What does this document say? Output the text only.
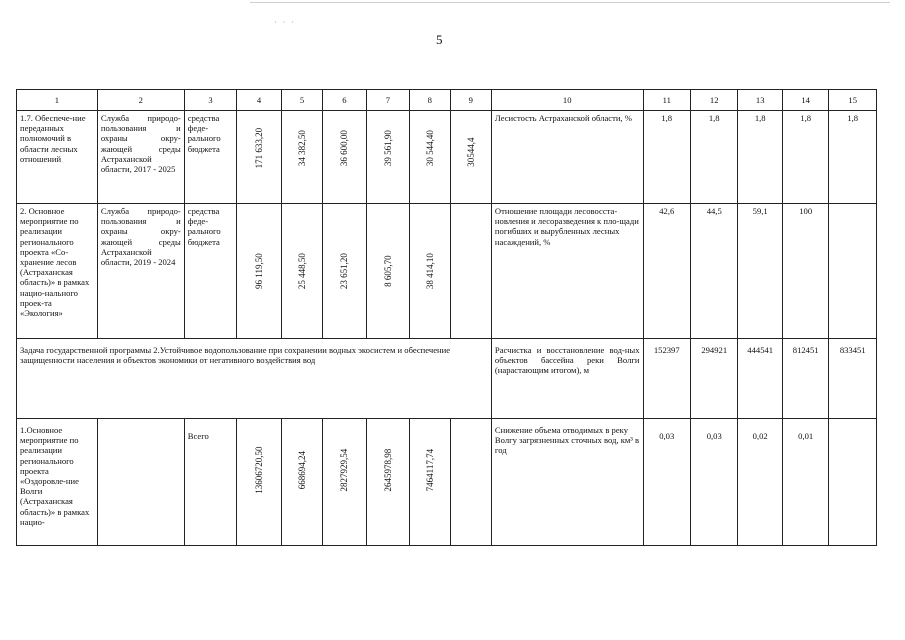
· · ·
5
1	2	3	4	5	6	7	8	9	10	11	12	13	14	15
1.7. Обеспече-ние переданных полномочий в области лесных отношений	Служба природо-пользования и охраны окру-жающей среды Астраханской области, 2017 - 2025	средства феде-рального бюджета	171 633,20	34 382,50	36 600,00	39 561,90	30 544,40	30544,4	Лесистость Астраханской области, %	1,8	1,8	1,8	1,8	1,8
2. Основное мероприятие по реализации регионального проекта «Со-хранение лесов (Астраханская область)» в рамках нацио-нального проек-та «Экология»	Служба природо-пользования и охраны окру-жающей среды Астраханской области, 2019 - 2024	средства феде-рального бюджета	96 119,50	25 448,50	23 651,20	8 605,70	38 414,10		Отношение площади лесовосста-новления и лесоразведения к пло-щади погибших и вырубленных лесных насаждений, %	42,6	44,5	59,1	100	
Задача государственной программы 2.Устойчивое водопользование при сохранении водных экосистем и обеспечение защищенности населения и объектов экономики от негативного воздействия вод									Расчистка и восстановление вод-ных объектов бассейна реки Волги (нарастающим итогом), м	152397	294921	444541	812451	833451
1.Основное мероприятие по реализации регионального проекта «Оздоровле-ние Волги (Астраханская область)» в рамках нацио-		Всего	13606720,50	668694,24	2827929,54	2645978,98	7464117,74		Снижение объема отводимых в реку Волгу загрязненных сточных вод, км³ в год	0,03	0,03	0,02	0,01	
